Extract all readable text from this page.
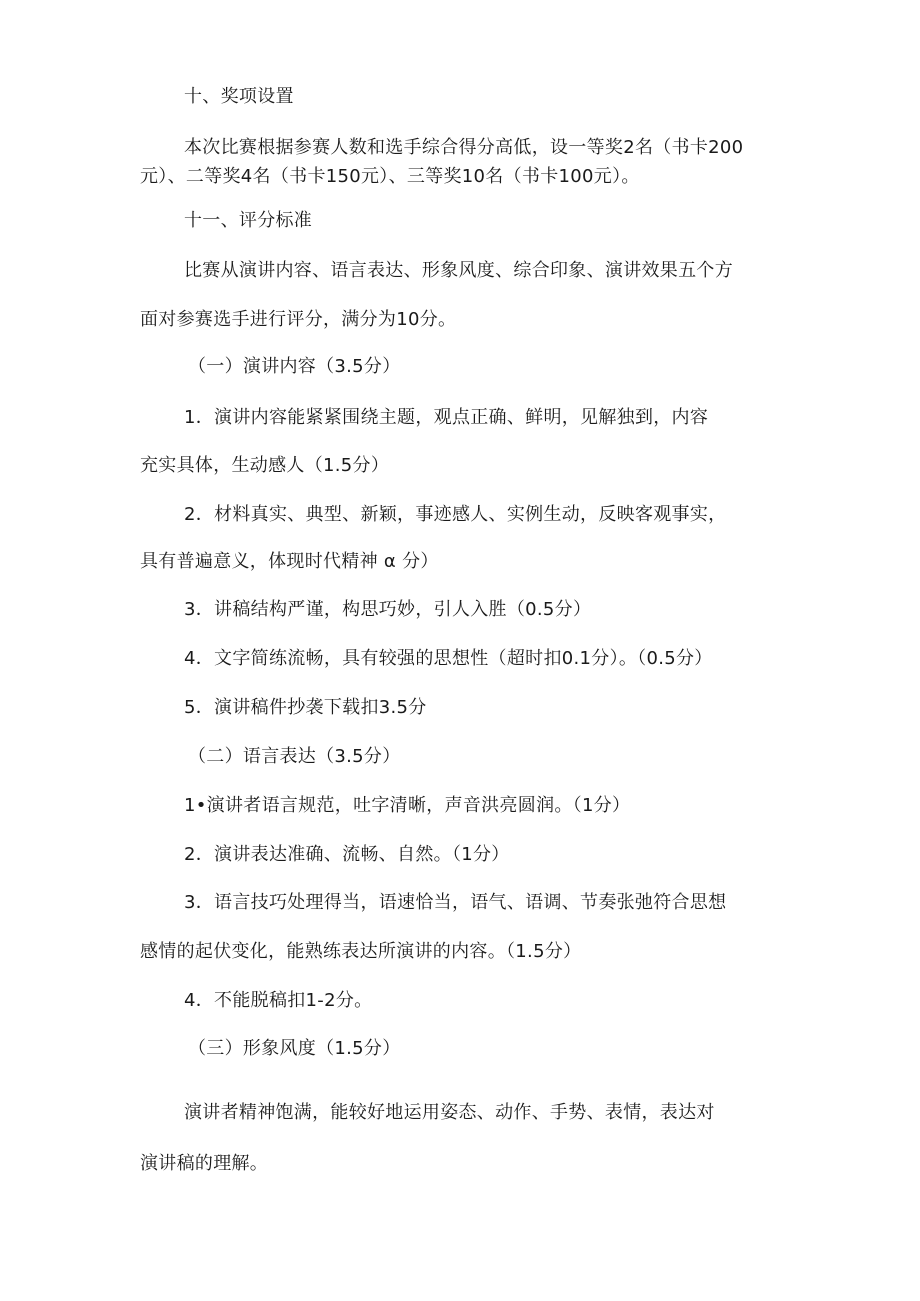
十、奖项设置
本次比赛根据参赛人数和选手综合得分高低，设一等奖2名（书卡200
元）、二等奖4名（书卡150元）、三等奖10名（书卡100元）。
十一、评分标准
比赛从演讲内容、语言表达、形象风度、综合印象、演讲效果五个方
面对参赛选手进行评分，满分为10分。
（一）演讲内容（3.5分）
1．演讲内容能紧紧围绕主题，观点正确、鲜明，见解独到，内容
充实具体，生动感人（1.5分）
2．材料真实、典型、新颖，事迹感人、实例生动，反映客观事实，
具有普遍意义，体现时代精神 α 分）
3．讲稿结构严谨，构思巧妙，引人入胜（0.5分）
4．文字简练流畅，具有较强的思想性（超时扣0.1分）。（0.5分）
5．演讲稿件抄袭下载扣3.5分
（二）语言表达（3.5分）
1•演讲者语言规范，吐字清晰，声音洪亮圆润。（1分）
2．演讲表达准确、流畅、自然。（1分）
3．语言技巧处理得当，语速恰当，语气、语调、节奏张弛符合思想
感情的起伏变化，能熟练表达所演讲的内容。（1.5分）
4．不能脱稿扣1-2分。
（三）形象风度（1.5分）
演讲者精神饱满，能较好地运用姿态、动作、手势、表情，表达对
演讲稿的理解。
